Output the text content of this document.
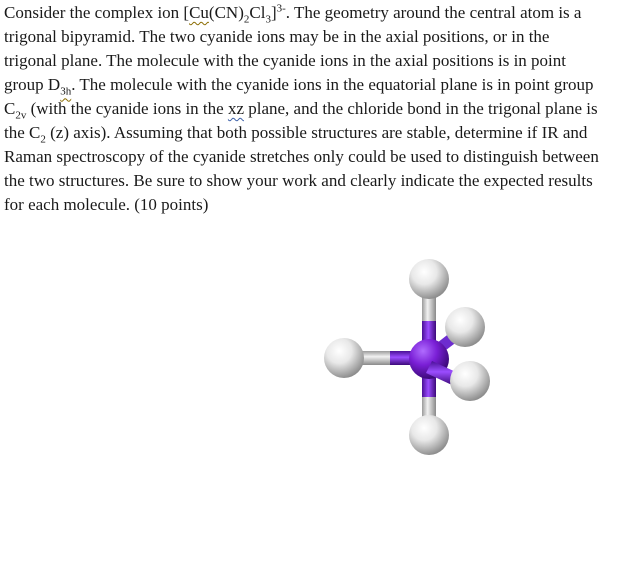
Consider the complex ion $[Cu(CN)_2Cl_3]^{3-}$. The geometry around the central atom is a trigonal bipyramid. The two cyanide ions may be in the axial positions, or in the trigonal plane. The molecule with the cyanide ions in the axial positions is in point group $D_{3h}$. The molecule with the cyanide ions in the equatorial plane is in point group $C_{2v}$ (with the cyanide ions in the xz plane, and the chloride bond in the trigonal plane is the $C_2$ (z) axis). Assuming that both possible structures are stable, determine if IR and Raman spectroscopy of the cyanide stretches only could be used to distinguish between the two structures. Be sure to show your work and clearly indicate the expected results for each molecule. (10 points)
